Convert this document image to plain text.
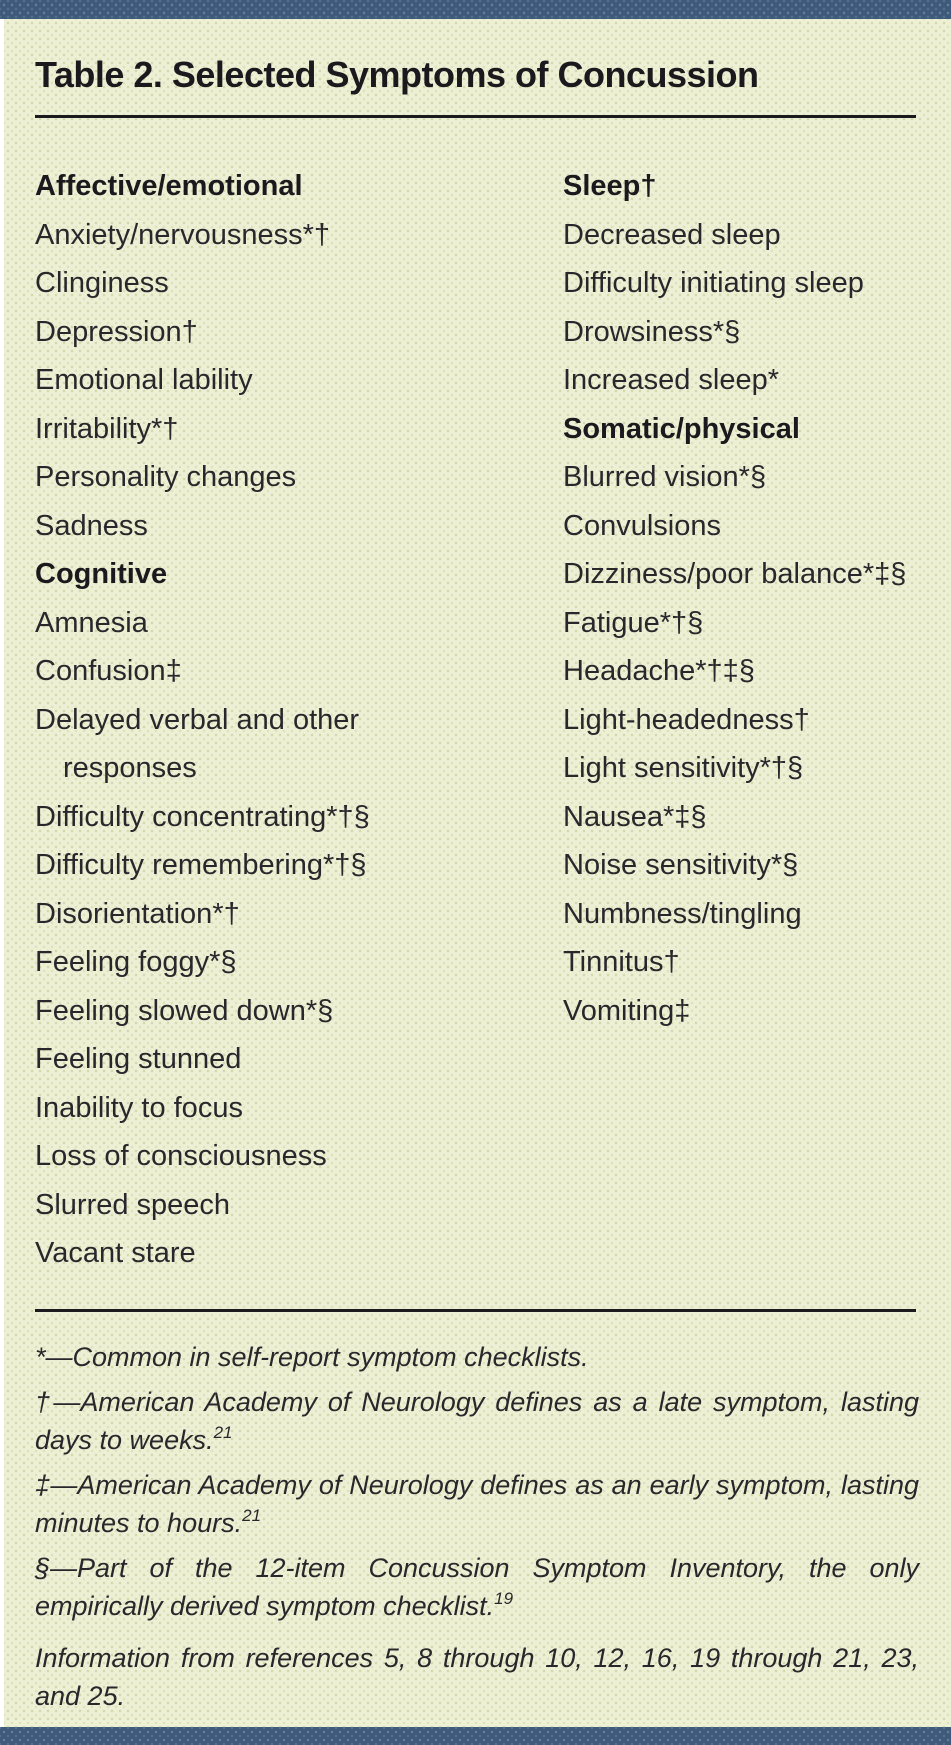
Table 2. Selected Symptoms of Concussion
Affective/emotional
Anxiety/nervousness*†
Clinginess
Depression†
Emotional lability
Irritability*†
Personality changes
Sadness
Cognitive
Amnesia
Confusion‡
Delayed verbal and other responses
Difficulty concentrating*†§
Difficulty remembering*†§
Disorientation*†
Feeling foggy*§
Feeling slowed down*§
Feeling stunned
Inability to focus
Loss of consciousness
Slurred speech
Vacant stare
Sleep†
Decreased sleep
Difficulty initiating sleep
Drowsiness*§
Increased sleep*
Somatic/physical
Blurred vision*§
Convulsions
Dizziness/poor balance*‡§
Fatigue*†§
Headache*†‡§
Light-headedness†
Light sensitivity*†§
Nausea*‡§
Noise sensitivity*§
Numbness/tingling
Tinnitus†
Vomiting‡
*—Common in self-report symptom checklists.
†—American Academy of Neurology defines as a late symptom, lasting days to weeks.$^{21}$
‡—American Academy of Neurology defines as an early symptom, lasting minutes to hours.$^{21}$
§—Part of the 12-item Concussion Symptom Inventory, the only empirically derived symptom checklist.$^{19}$
Information from references 5, 8 through 10, 12, 16, 19 through 21, 23, and 25.
